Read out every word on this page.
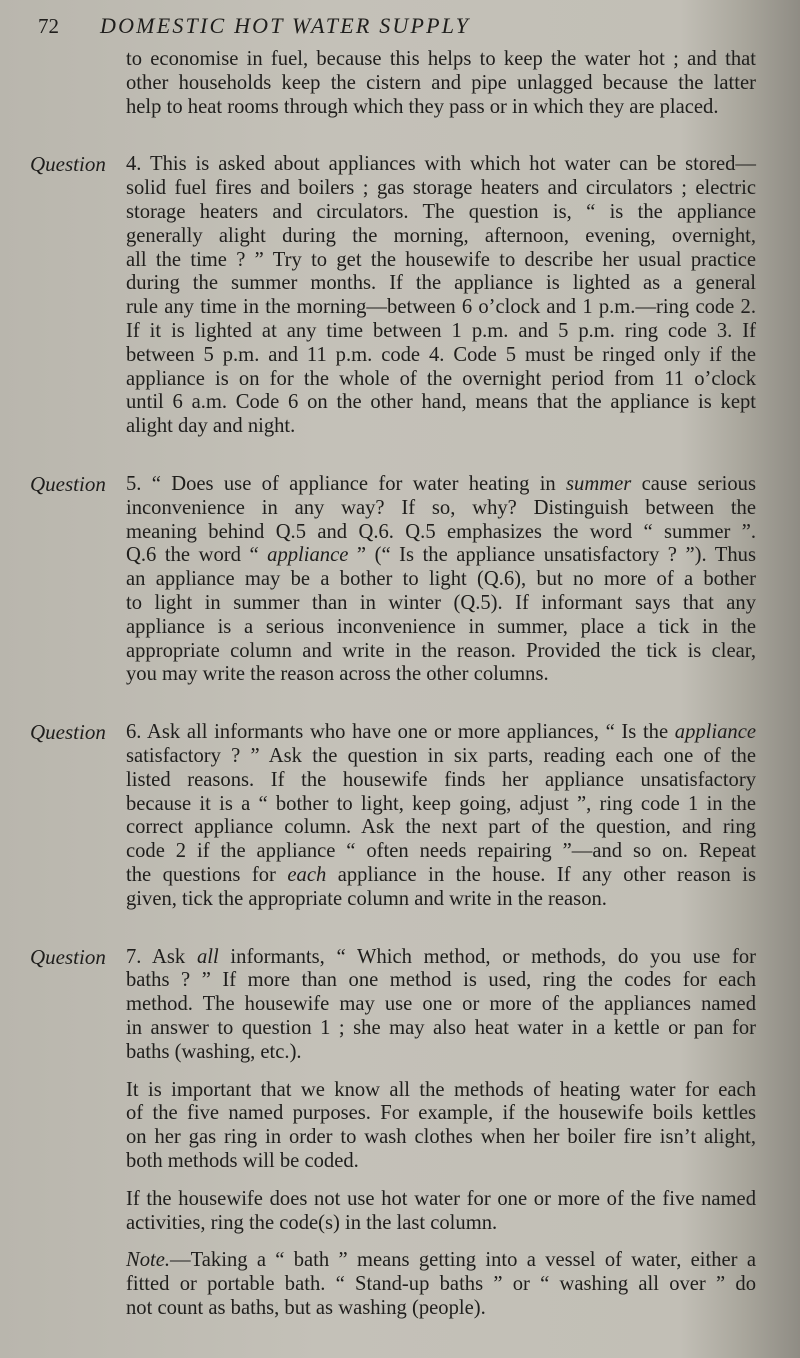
72 DOMESTIC HOT WATER SUPPLY
to economise in fuel, because this helps to keep the water hot ; and that
other households keep the cistern and pipe unlagged because the latter
help to heat rooms through which they pass or in which they are placed.
Question 4. This is asked about appliances with which hot water can be stored—
solid fuel fires and boilers ; gas storage heaters and circulators ; electric
storage heaters and circulators. The question is, “ is the appliance
generally alight during the morning, afternoon, evening, overnight,
all the time ? ” Try to get the housewife to describe her usual practice
during the summer months. If the appliance is lighted as a general
rule any time in the morning—between 6 o’clock and 1 p.m.—ring code 2.
If it is lighted at any time between 1 p.m. and 5 p.m. ring code 3. If
between 5 p.m. and 11 p.m. code 4. Code 5 must be ringed only if the
appliance is on for the whole of the overnight period from 11 o’clock
until 6 a.m. Code 6 on the other hand, means that the appliance is kept
alight day and night.
Question 5. “ Does use of appliance for water heating in summer cause serious
inconvenience in any way? If so, why? Distinguish between the
meaning behind Q.5 and Q.6. Q.5 emphasizes the word “ summer ”.
Q.6 the word “ appliance ” (“ Is the appliance unsatisfactory ? ”). Thus
an appliance may be a bother to light (Q.6), but no more of a bother
to light in summer than in winter (Q.5). If informant says that any
appliance is a serious inconvenience in summer, place a tick in the
appropriate column and write in the reason. Provided the tick is clear,
you may write the reason across the other columns.
Question 6. Ask all informants who have one or more appliances, “ Is the appliance
satisfactory ? ” Ask the question in six parts, reading each one of the
listed reasons. If the housewife finds her appliance unsatisfactory
because it is a “ bother to light, keep going, adjust ”, ring code 1 in the
correct appliance column. Ask the next part of the question, and ring
code 2 if the appliance “ often needs repairing ”—and so on. Repeat
the questions for each appliance in the house. If any other reason is
given, tick the appropriate column and write in the reason.
Question 7. Ask all informants, “ Which method, or methods, do you use for
baths ? ” If more than one method is used, ring the codes for each
method. The housewife may use one or more of the appliances named
in answer to question 1 ; she may also heat water in a kettle or pan for
baths (washing, etc.).
It is important that we know all the methods of heating water for each
of the five named purposes. For example, if the housewife boils kettles
on her gas ring in order to wash clothes when her boiler fire isn’t alight,
both methods will be coded.
If the housewife does not use hot water for one or more of the five named
activities, ring the code(s) in the last column.
Note.—Taking a “ bath ” means getting into a vessel of water, either a
fitted or portable bath. “ Stand-up baths ” or “ washing all over ” do
not count as baths, but as washing (people).
